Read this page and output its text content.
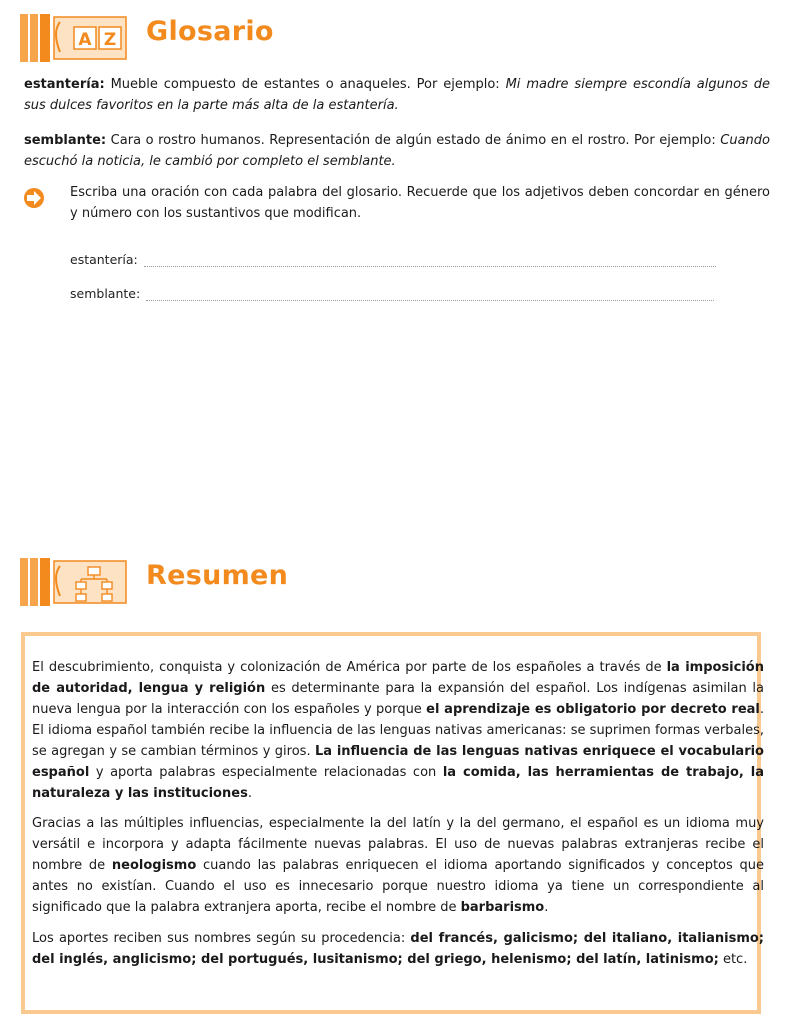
A Z Glosario
estantería: Mueble compuesto de estantes o anaqueles. Por ejemplo: Mi madre siempre escondía algunos de sus dulces favoritos en la parte más alta de la estantería.
semblante: Cara o rostro humanos. Representación de algún estado de ánimo en el rostro. Por ejemplo: Cuando escuchó la noticia, le cambió por completo el semblante.
Escriba una oración con cada palabra del glosario. Recuerde que los adjetivos deben concordar en género y número con los sustantivos que modifican.
estantería:
semblante:
Resumen
El descubrimiento, conquista y colonización de América por parte de los españoles a través de la imposición de autoridad, lengua y religión es determinante para la expansión del español. Los indígenas asimilan la nueva lengua por la interacción con los españoles y porque el aprendizaje es obligatorio por decreto real. El idioma español también recibe la influencia de las lenguas nativas americanas: se suprimen formas verbales, se agregan y se cambian términos y giros. La influencia de las lenguas nativas enriquece el vocabulario español y aporta palabras especialmente relacionadas con la comida, las herramientas de trabajo, la naturaleza y las instituciones.
Gracias a las múltiples influencias, especialmente la del latín y la del germano, el español es un idioma muy versátil e incorpora y adapta fácilmente nuevas palabras. El uso de nuevas palabras extranjeras recibe el nombre de neologismo cuando las palabras enriquecen el idioma aportando significados y conceptos que antes no existían. Cuando el uso es innecesario porque nuestro idioma ya tiene un correspondiente al significado que la palabra extranjera aporta, recibe el nombre de barbarismo.
Los aportes reciben sus nombres según su procedencia: del francés, galicismo; del italiano, italianismo; del inglés, anglicismo; del portugués, lusitanismo; del griego, helenismo; del latín, latinismo; etc.
